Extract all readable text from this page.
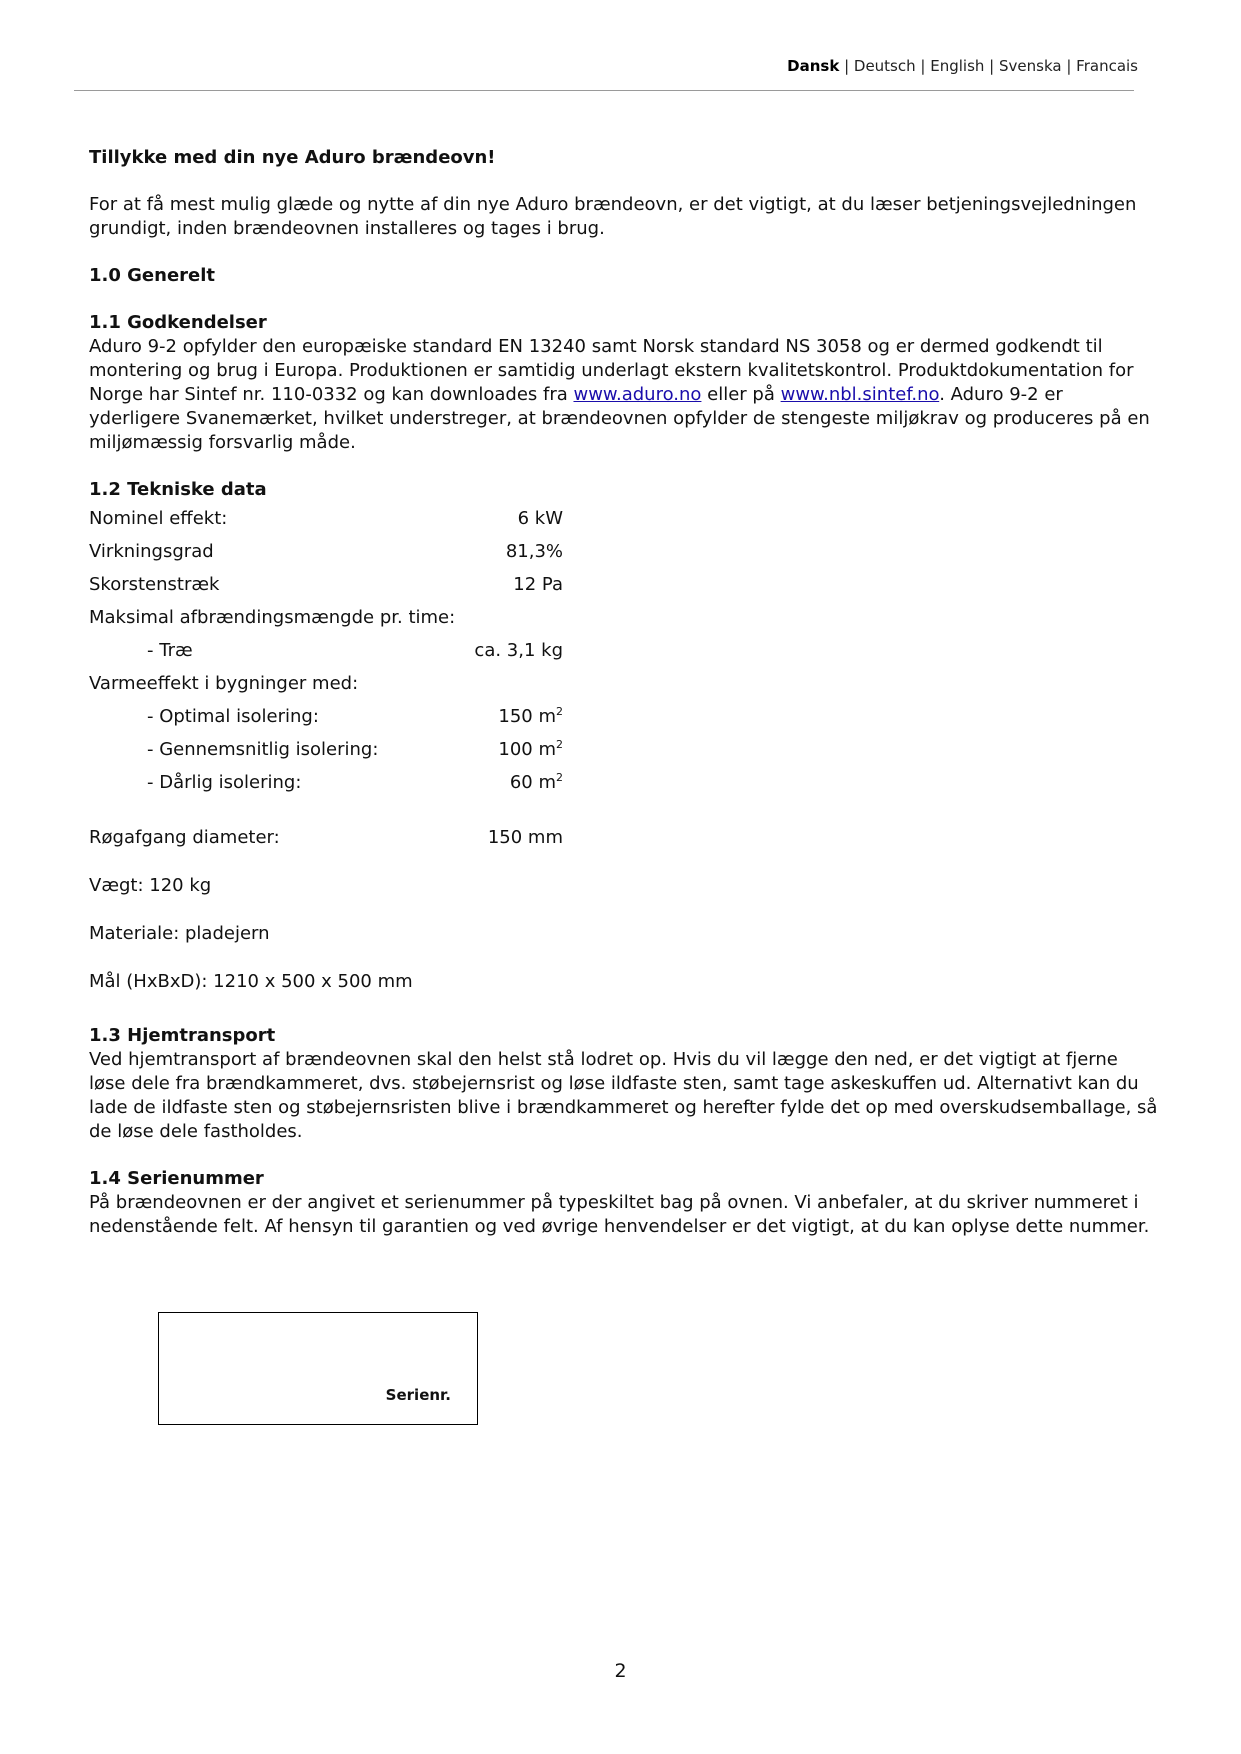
Dansk | Deutsch | English | Svenska | Francais

Tillykke med din nye Aduro brændeovn!

For at få mest mulig glæde og nytte af din nye Aduro brændeovn, er det vigtigt, at du læser betjeningsvejledningen grundigt, inden brændeovnen installeres og tages i brug.

1.0 Generelt

1.1 Godkendelser

Aduro 9-2 opfylder den europæiske standard EN 13240 samt Norsk standard NS 3058 og er dermed godkendt til montering og brug i Europa. Produktionen er samtidig underlagt ekstern kvalitetskontrol. Produktdokumentation for Norge har Sintef nr. 110-0332 og kan downloades fra www.aduro.no eller på www.nbl.sintef.no. Aduro 9-2 er yderligere Svanemærket, hvilket understreger, at brændeovnen opfylder de stengeste miljøkrav og produceres på en miljømæssig forsvarlig måde.

1.2 Tekniske data

Nominel effekt:	6 kW
Virkningsgrad	81,3%
Skorstenstræk	12 Pa
Maksimal afbrændingsmængde pr. time:	
- Træ	ca. 3,1 kg
Varmeeffekt i bygninger med:	
- Optimal isolering:	150 $m^2$
- Gennemsnitlig isolering:	100 $m^2$
- Dårlig isolering:	60 $m^2$
Røgafgang diameter:	150 mm

Vægt: 120 kg

Materiale: pladejern

Mål (HxBxD): 1210 x 500 x 500 mm

1.3 Hjemtransport

Ved hjemtransport af brændeovnen skal den helst stå lodret op. Hvis du vil lægge den ned, er det vigtigt at fjerne løse dele fra brændkammeret, dvs. støbejernsrist og løse ildfaste sten, samt tage askeskuffen ud. Alternativt kan du lade de ildfaste sten og støbejernsristen blive i brændkammeret og herefter fylde det op med overskudsemballage, så de løse dele fastholdes.

1.4 Serienummer

På brændeovnen er der angivet et serienummer på typeskiltet bag på ovnen. Vi anbefaler, at du skriver nummeret i nedenstående felt. Af hensyn til garantien og ved øvrige henvendelser er det vigtigt, at du kan oplyse dette nummer.

Serienr.
2
